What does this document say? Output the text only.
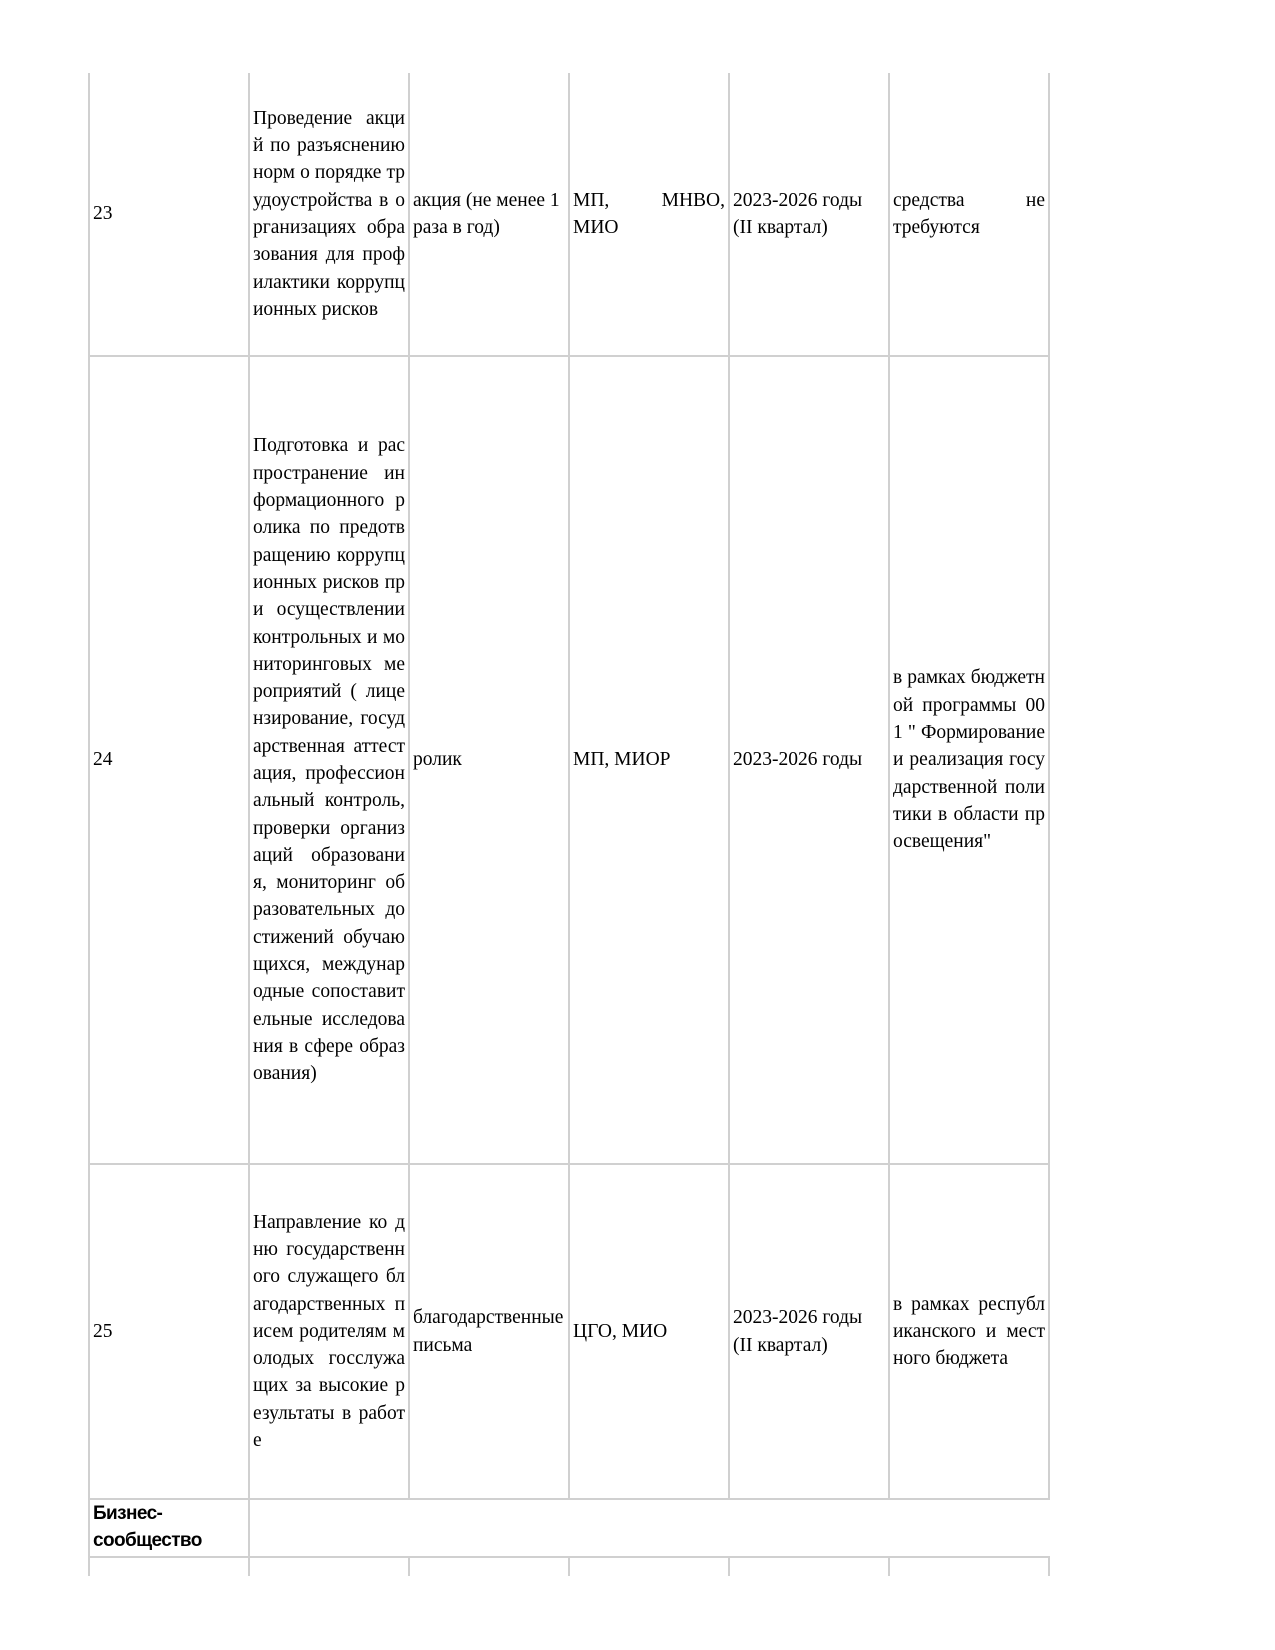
23	Проведение акций по разъяснению норм о порядке трудоустройства в организациях образования для профилактики коррупционных рисков	акция (не менее 1 раза в год)	МП, МНВО, МИО	2023-2026 годы (II квартал)	средства не требуются
24	Подготовка и распространение информационного ролика по предотвращению коррупционных рисков при осуществлении контрольных и мониторинговых мероприятий ( лицензирование, государственная аттестация, профессиональный контроль, проверки организаций образования, мониторинг образовательных достижений обучающихся, международные сопоставительные исследования в сфере образования)	ролик	МП, МИОР	2023-2026 годы	в рамках бюджетной программы 001 " Формирование и реализация государственной политики в области просвещения"
25	Направление ко дню государственного служащего благодарственных писем родителям молодых госслужащих за высокие результаты в работе	благодарственные письма	ЦГО, МИО	2023-2026 годы (II квартал)	в рамках республиканского и местного бюджета
Бизнес-сообщество					
